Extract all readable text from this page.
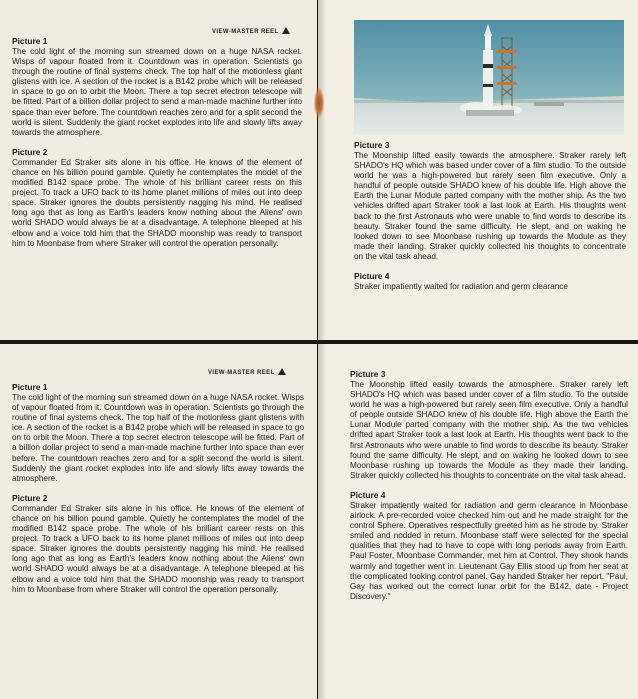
VIEW-MASTER REEL
Picture 1
The cold light of the morning sun streamed down on a huge NASA rocket. Wisps of vapour floated from it. Countdown was in operation. Scientists go through the routine of final systems check. The top half of the motionless giant glistens with ice. A section of the rocket is a B142 probe which will be released in space to go on to orbit the Moon. There a top secret electron telescope will be fitted. Part of a billion dollar project to send a man-made machine further into space than ever before. The countdown reaches zero and for a split second the world is silent. Suddenly the giant rocket explodes into life and slowly lifts away towards the atmosphere.
Picture 2
Commander Ed Straker sits alone in his office. He knows of the element of chance on his billion pound gamble. Quietly he contemplates the model of the modified B142 space probe. The whole of his brilliant career rests on this project. To track a UFO back to its home planet millions of miles out into deep space. Straker ignores the doubts persistently nagging his mind. He realised long ago that as long as Earth's leaders know nothing about the Aliens' own world SHADO would always be at a disadvantage. A telephone bleeped at his elbow and a voice told him that the SHADO moonship was ready to transport him to Moonbase from where Straker will control the operation personally.
Picture 3
The Moonship lifted easily towards the atmosphere. Straker rarely left SHADO's HQ which was based under cover of a film studio. To the outside world he was a high-powered but rarely seen film executive. Only a handful of people outside SHADO knew of his double life. High above the Earth the Lunar Module parted company with the mother ship. As the two vehicles drifted apart Straker took a last look at Earth. His thoughts went back to the first Astronauts who were unable to find words to describe its beauty. Straker found the same difficulty. He slept, and on waking he looked down to see Moonbase rushing up towards the Module as they made their landing. Straker quickly collected his thoughts to concentrate on the vital task ahead.
Picture 4
Straker impatiently waited for radiation and germ clearance
VIEW-MASTER REEL
Picture 1
The cold light of the morning sun streamed down on a huge NASA rocket. Wisps of vapour floated from it. Countdown was in operation. Scientists go through the routine of final systems check. The top half of the motionless giant glistens with ice. A section of the rocket is a B142 probe which will be released in space to go on to orbit the Moon. There a top secret electron telescope will be fitted. Part of a billion dollar project to send a man-made machine further into space than ever before. The countdown reaches zero and for a split second the world is silent. Suddenly the giant rocket explodes into life and slowly lifts away towards the atmosphere.
Picture 2
Commander Ed Straker sits alone in his office. He knows of the element of chance on his billion pound gamble. Quietly he contemplates the model of the modified B142 space probe. The whole of his brilliant career rests on this project. To track a UFO back to its home planet millions of miles out into deep space. Straker ignores the doubts persistently nagging his mind. He realised long ago that as long as Earth's leaders know nothing about the Aliens' own world SHADO would always be at a disadvantage. A telephone bleeped at his elbow and a voice told him that the SHADO moonship was ready to transport him to Moonbase from where Straker will control the operation personally.
Picture 3
The Moonship lifted easily towards the atmosphere. Straker rarely left SHADO's HQ which was based under cover of a film studio. To the outside world he was a high-powered but rarely seen film executive. Only a handful of people outside SHADO knew of his double life. High above the Earth the Lunar Module parted company with the mother ship. As the two vehicles drifted apart Straker took a last look at Earth. His thoughts went back to the first Astronauts who were unable to find words to describe its beauty. Straker found the same difficulty. He slept, and on waking he looked down to see Moonbase rushing up towards the Module as they made their landing. Straker quickly collected his thoughts to concentrate on the vital task ahead.
Picture 4
Straker impatiently waited for radiation and germ clearance in Moonbase airlock. A pre-recorded voice checked him out and he made straight for the control Sphere. Operatives respectfully greeted him as he strode by. Straker smiled and nodded in return. Moonbase staff were selected for the special qualities that they had to have to cope with long periods away from Earth. Paul Foster, Moonbase Commander, met him at Control. They shook hands warmly and together went in. Lieutenant Gay Ellis stood up from her seat at the complicated looking control panel. Gay handed Straker her report. "Paul, Gay has worked out the correct lunar orbit for the B142, date - Project Discovery."
